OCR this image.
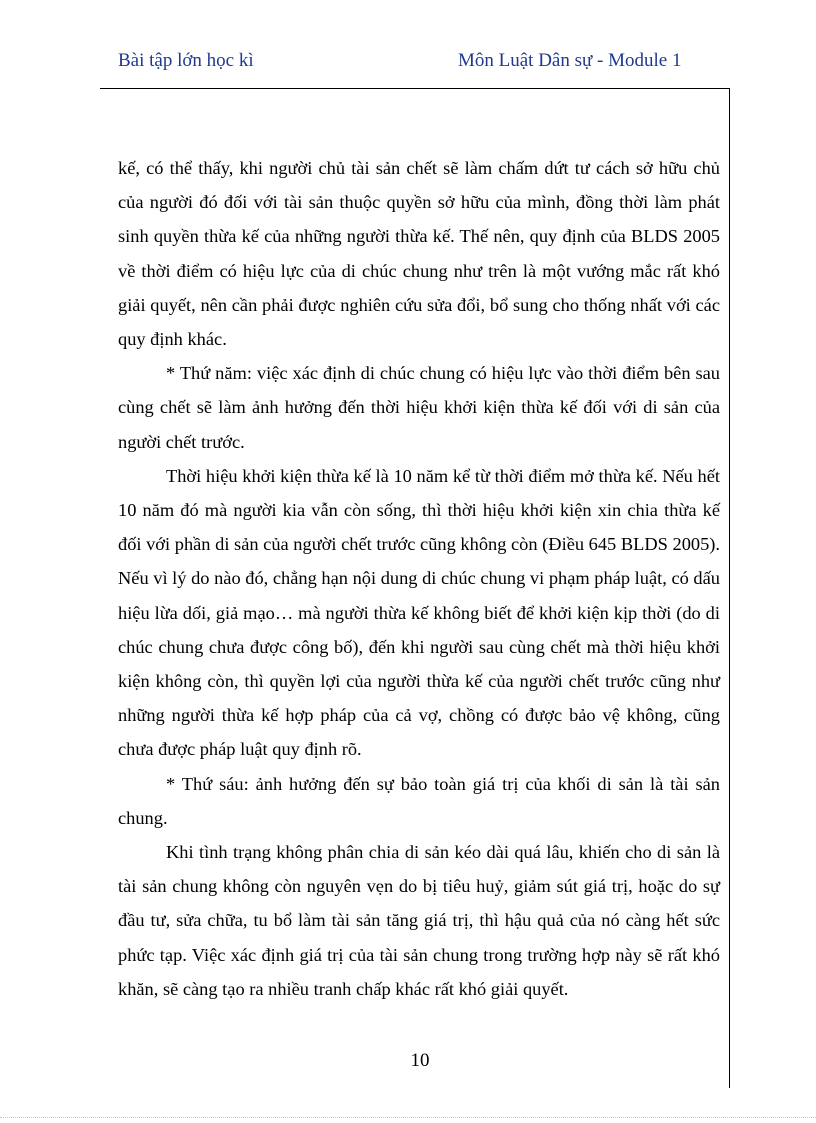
Bài tập lớn học kì	Môn Luật Dân sự - Module 1

kế, có thể thấy, khi người chủ tài sản chết sẽ làm chấm dứt tư cách sở hữu chủ của người đó đối với tài sản thuộc quyền sở hữu của mình, đồng thời làm phát sinh quyền thừa kế của những người thừa kế. Thế nên, quy định của BLDS 2005 về thời điểm có hiệu lực của di chúc chung như trên là một vướng mắc rất khó giải quyết, nên cần phải được nghiên cứu sửa đổi, bổ sung cho thống nhất với các quy định khác.

* Thứ năm: việc xác định di chúc chung có hiệu lực vào thời điểm bên sau cùng chết sẽ làm ảnh hưởng đến thời hiệu khởi kiện thừa kế đối với di sản của người chết trước.

Thời hiệu khởi kiện thừa kế là 10 năm kể từ thời điểm mở thừa kế. Nếu hết 10 năm đó mà người kia vẫn còn sống, thì thời hiệu khởi kiện xin chia thừa kế đối với phần di sản của người chết trước cũng không còn (Điều 645 BLDS 2005). Nếu vì lý do nào đó, chẳng hạn nội dung di chúc chung vi phạm pháp luật, có dấu hiệu lừa dối, giả mạo… mà người thừa kế không biết để khởi kiện kịp thời (do di chúc chung chưa được công bố), đến khi người sau cùng chết mà thời hiệu khởi kiện không còn, thì quyền lợi của người thừa kế của người chết trước cũng như những người thừa kế hợp pháp của cả vợ, chồng có được bảo vệ không, cũng chưa được pháp luật quy định rõ.

* Thứ sáu: ảnh hưởng đến sự bảo toàn giá trị của khối di sản là tài sản chung.

Khi tình trạng không phân chia di sản kéo dài quá lâu, khiến cho di sản là tài sản chung không còn nguyên vẹn do bị tiêu huỷ, giảm sút giá trị, hoặc do sự đầu tư, sửa chữa, tu bổ làm tài sản tăng giá trị, thì hậu quả của nó càng hết sức phức tạp. Việc xác định giá trị của tài sản chung trong trường hợp này sẽ rất khó khăn, sẽ càng tạo ra nhiều tranh chấp khác rất khó giải quyết.

10
